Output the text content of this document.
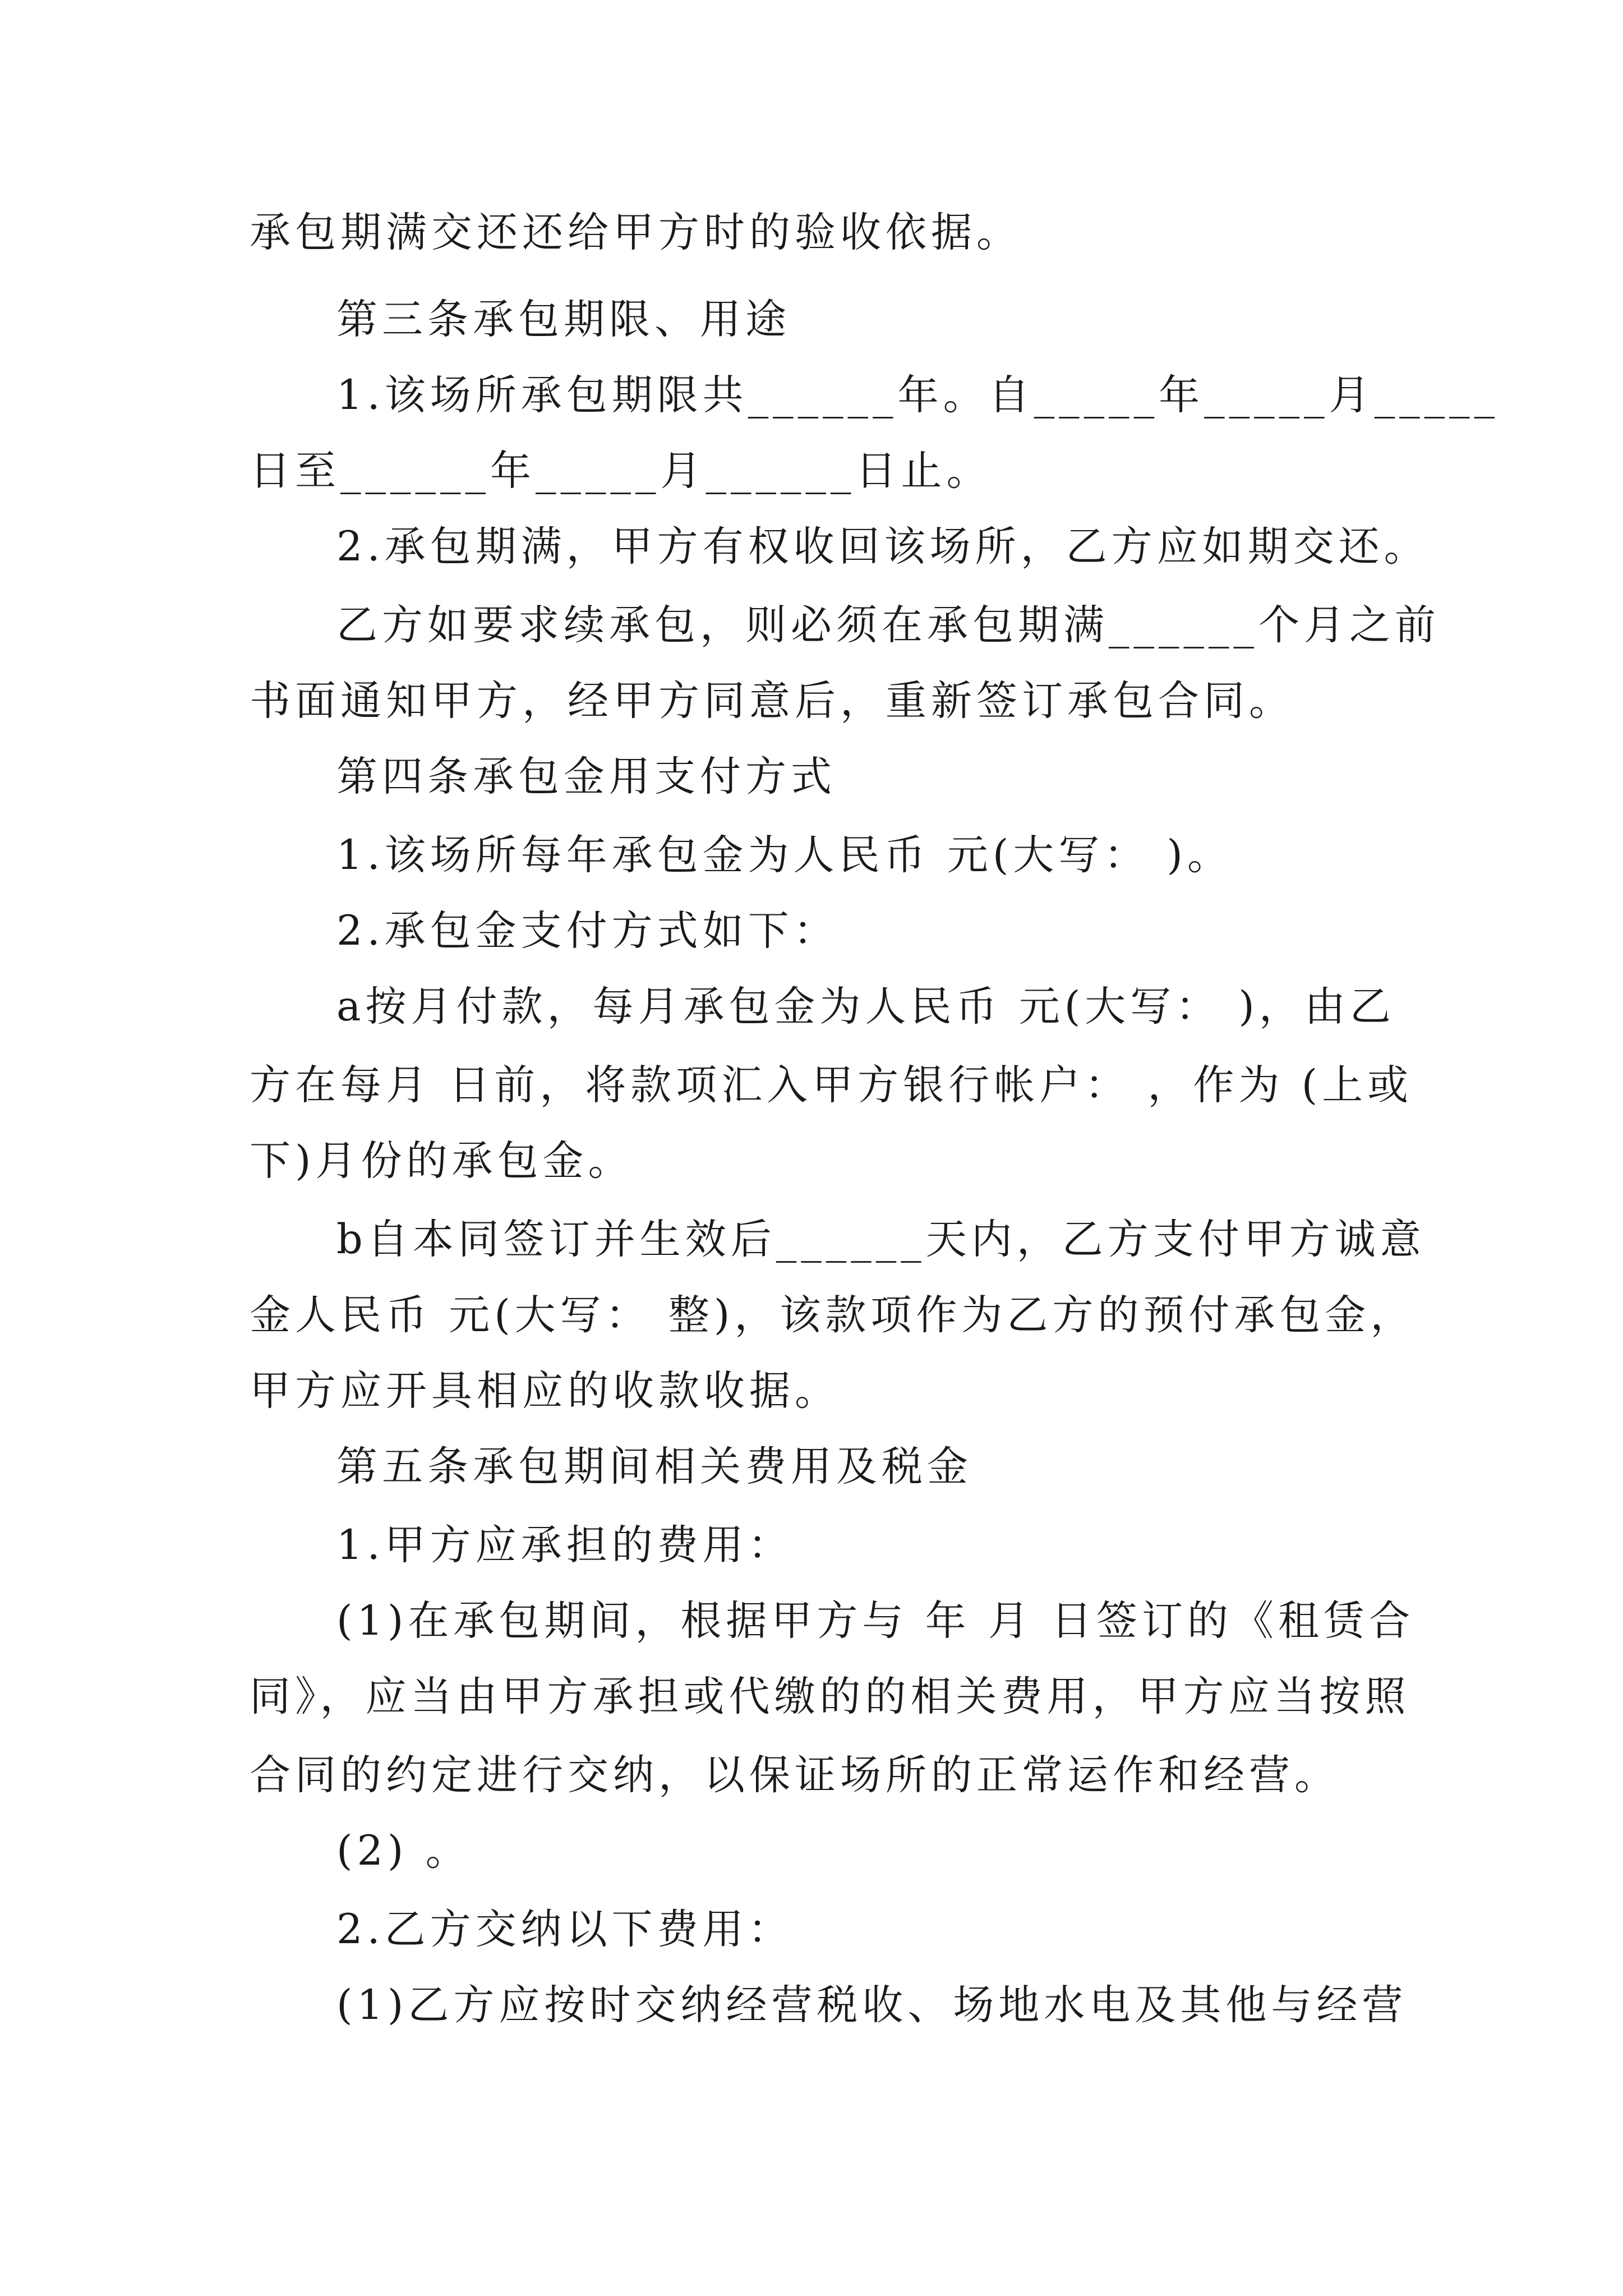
承包期满交还还给甲方时的验收依据。
第三条承包期限、用途
1.该场所承包期限共______年。自_____年_____月_____
日至______年_____月______日止。
2.承包期满，甲方有权收回该场所，乙方应如期交还。
乙方如要求续承包，则必须在承包期满______个月之前
书面通知甲方，经甲方同意后，重新签订承包合同。
第四条承包金用支付方式
1.该场所每年承包金为人民币 元(大写： )。
2.承包金支付方式如下：
a按月付款，每月承包金为人民币 元(大写： )，由乙
方在每月 日前，将款项汇入甲方银行帐户： ，作为 (上或
下)月份的承包金。
b自本同签订并生效后______天内，乙方支付甲方诚意
金人民币 元(大写： 整)，该款项作为乙方的预付承包金，
甲方应开具相应的收款收据。
第五条承包期间相关费用及税金
1.甲方应承担的费用：
(1)在承包期间，根据甲方与 年 月 日签订的《租赁合
同》，应当由甲方承担或代缴的的相关费用，甲方应当按照
合同的约定进行交纳，以保证场所的正常运作和经营。
(2) 。
2.乙方交纳以下费用：
(1)乙方应按时交纳经营税收、场地水电及其他与经营
